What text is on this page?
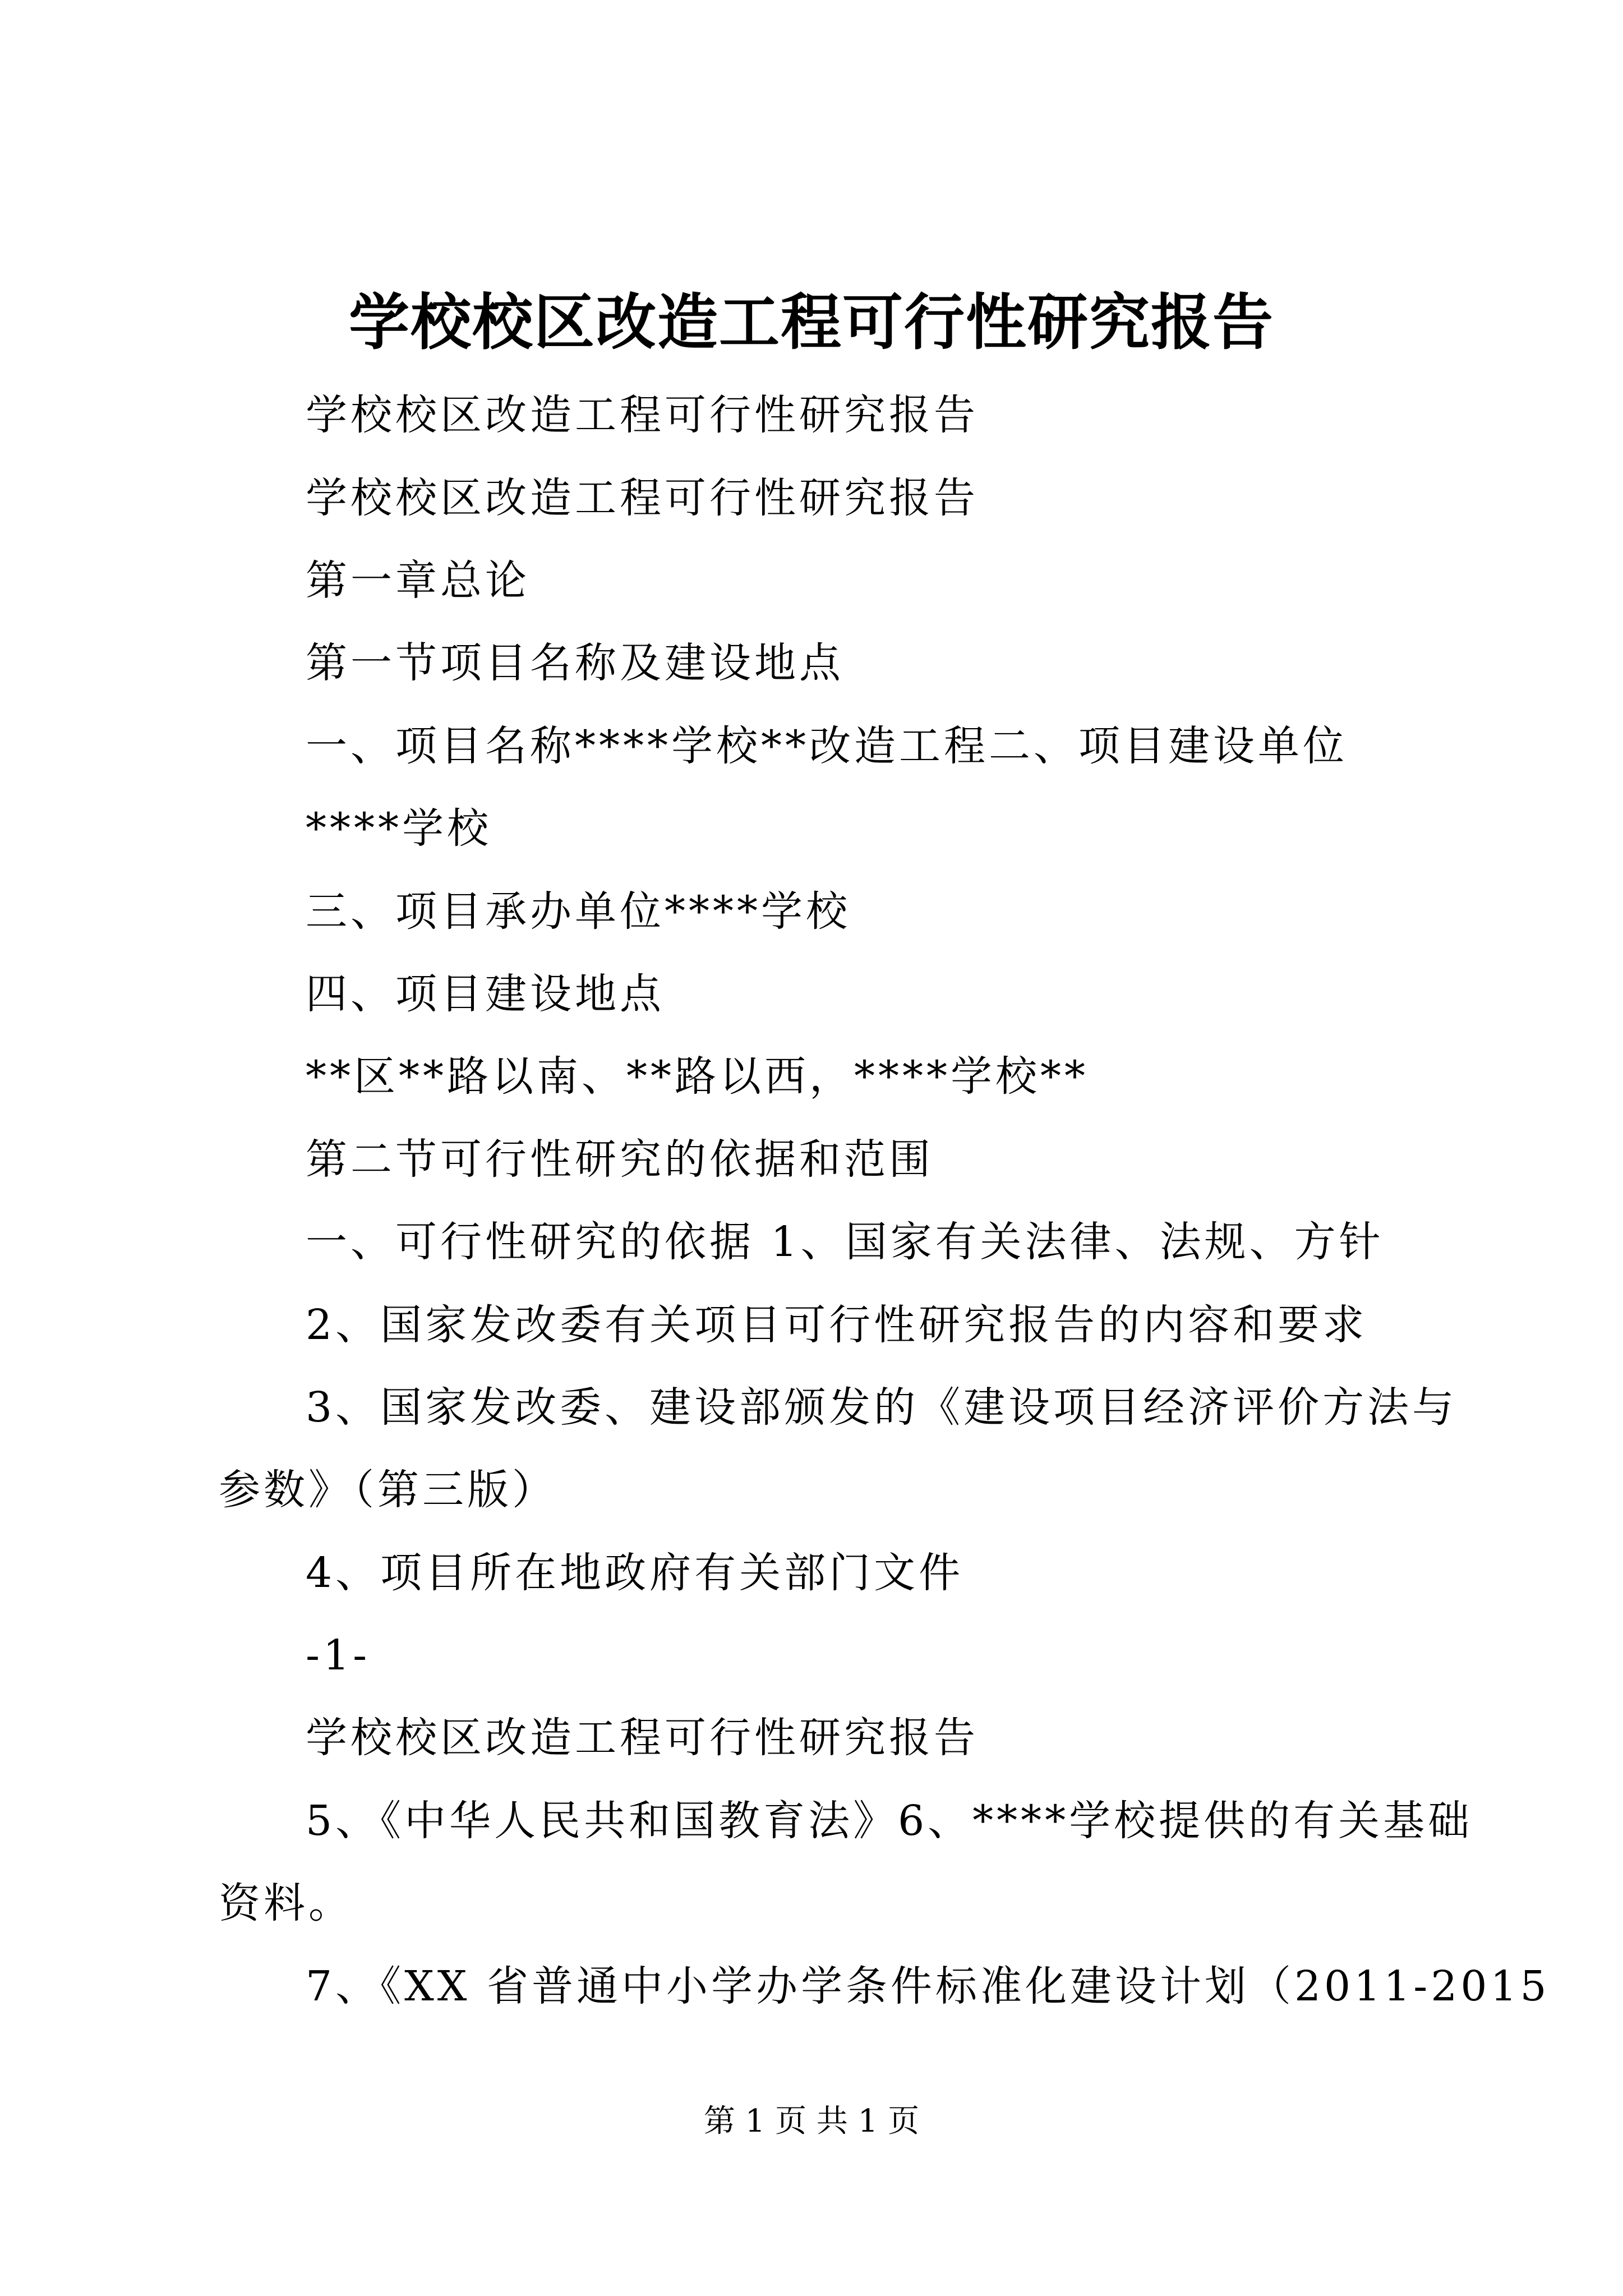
学校校区改造工程可行性研究报告
学校校区改造工程可行性研究报告
学校校区改造工程可行性研究报告
第一章总论
第一节项目名称及建设地点
一、项目名称****学校**改造工程二、项目建设单位
****学校
三、项目承办单位****学校
四、项目建设地点
**区**路以南、**路以西，****学校**
第二节可行性研究的依据和范围
一、可行性研究的依据 1、国家有关法律、法规、方针
2、国家发改委有关项目可行性研究报告的内容和要求
3、国家发改委、建设部颁发的《建设项目经济评价方法与
参数》（第三版）
4、项目所在地政府有关部门文件
-1-
学校校区改造工程可行性研究报告
5、《中华人民共和国教育法》6、****学校提供的有关基础
资料。
7、《XX 省普通中小学办学条件标准化建设计划（2011-2015
第 1 页 共 1 页
